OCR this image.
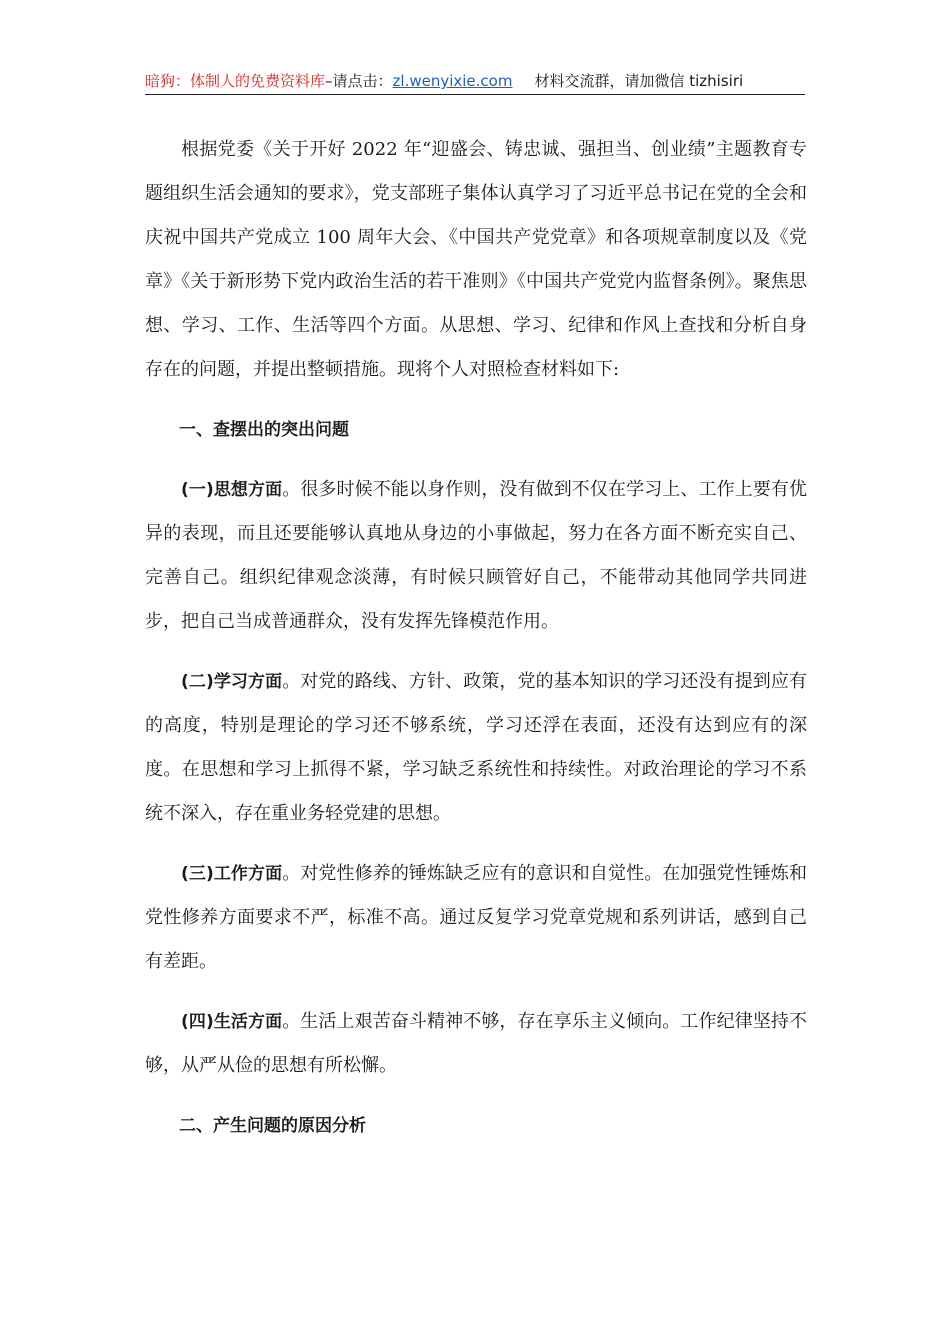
暗狗：体制人的免费资料库–请点击：zl.wenyixie.com 材料交流群，请加微信 tizhisiri

根据党委《关于开好 2022 年“迎盛会、铸忠诚、强担当、创业绩”主题教育专题组织生活会通知的要求》，党支部班子集体认真学习了习近平总书记在党的全会和庆祝中国共产党成立 100 周年大会、《中国共产党党章》和各项规章制度以及《党章》《关于新形势下党内政治生活的若干准则》《中国共产党党内监督条例》。聚焦思想、学习、工作、生活等四个方面。从思想、学习、纪律和作风上查找和分析自身存在的问题，并提出整顿措施。现将个人对照检查材料如下:

一、查摆出的突出问题

(一)思想方面。很多时候不能以身作则，没有做到不仅在学习上、工作上要有优异的表现，而且还要能够认真地从身边的小事做起，努力在各方面不断充实自己、完善自己。组织纪律观念淡薄，有时候只顾管好自己，不能带动其他同学共同进步，把自己当成普通群众，没有发挥先锋模范作用。

(二)学习方面。对党的路线、方针、政策，党的基本知识的学习还没有提到应有的高度，特别是理论的学习还不够系统，学习还浮在表面，还没有达到应有的深度。在思想和学习上抓得不紧，学习缺乏系统性和持续性。对政治理论的学习不系统不深入，存在重业务轻党建的思想。

(三)工作方面。对党性修养的锤炼缺乏应有的意识和自觉性。在加强党性锤炼和党性修养方面要求不严，标准不高。通过反复学习党章党规和系列讲话，感到自己有差距。

(四)生活方面。生活上艰苦奋斗精神不够，存在享乐主义倾向。工作纪律坚持不够，从严从俭的思想有所松懈。

二、产生问题的原因分析
